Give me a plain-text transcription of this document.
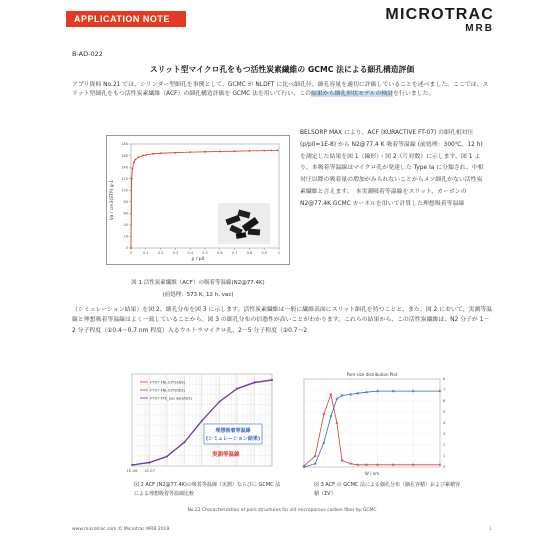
APPLICATION NOTE	MICROTRAC
MRB
B-AD-022
スリット型マイクロ孔をもつ活性炭素繊維の GCMC 法による細孔構造評価

アプリ資料 No.21 では、シリンダー型細孔を事例として、GCMC が NLDFT に比べ細孔径、細孔容量を適切に評価していることを述べました。ここでは、スリット型細孔をもつ活性炭素繊維（ACF）の細孔構造評価を GCMC 法を用いて行い、この結果から細孔形状モデルの検討を行いました。

0	0.1	0.2	0.3	0.4	0.5	0.6	0.7	0.8	0.9	1
0
20
40
60
80
100
120
140
160
180
p / p0
Va / cm3(STP) g-1
図 1 活性炭素繊維（ACF）の吸着等温線(N2@77.4K)
(前処理：573 K, 12 h, vac)

BELSORP MAX により、ACF (KURACTIVE FT-07) の細孔相対圧 (p/p0=1E-8) から N2@77.4 K 吸着等温線 (前処理：300℃、12 h) を測定した結果を図 1（線形）・図 2（片対数）に示します。図 1 より、本吸着等温線はマイクロ孔が発達した Type Ia に分類され、中相対圧以降の吸着量の増加がみられないことからメソ細孔がない活性炭素繊維と言えます。　本実測吸着等温線をスリット、カーボンの N2@77.4K GCMC カーネルを用いて計算した理想吸着等温線

（シミュレーション結果）を図 2、細孔分布を図 3 に示します。活性炭素繊維は一般に繊維表面にスリット細孔を持つことと、また、図 2 において、実測等温線と理想吸着等温線はよく一致していることから、図 3 の細孔分布の信憑性が高いことがわかります。これらの結果から、この活性炭繊維は、N2 分子が 1－2 分子程度（①0.4〜0.7 nm 程度）入るウルトラマイクロ孔、2－5 分子程度（②0.7〜2

1E-08 1E-07
FT-07 FNL EXT(ADS)
FT-07 FNL EXT(DES)
FT-07 FTK_Ses dat(ADS)
理想吸着等温線
(シミュレーション結果)
実測等温線
図 2 ACF (N2@77.4K)の吸着等温線（実測）ならびに GCMC 法による理想吸着等温線比較
Pore size distribution Plot
0
1
2
3
4
5
6
7
8
W / nm
図 3 ACF の GCMC 法による細孔分布（細孔容積）および累積容積（ΣV）
No.22 Characterization of pore structures for slit microporous carbon fiber by GCMC
www.microtrac.com © Microtrac MRB 2019	1
